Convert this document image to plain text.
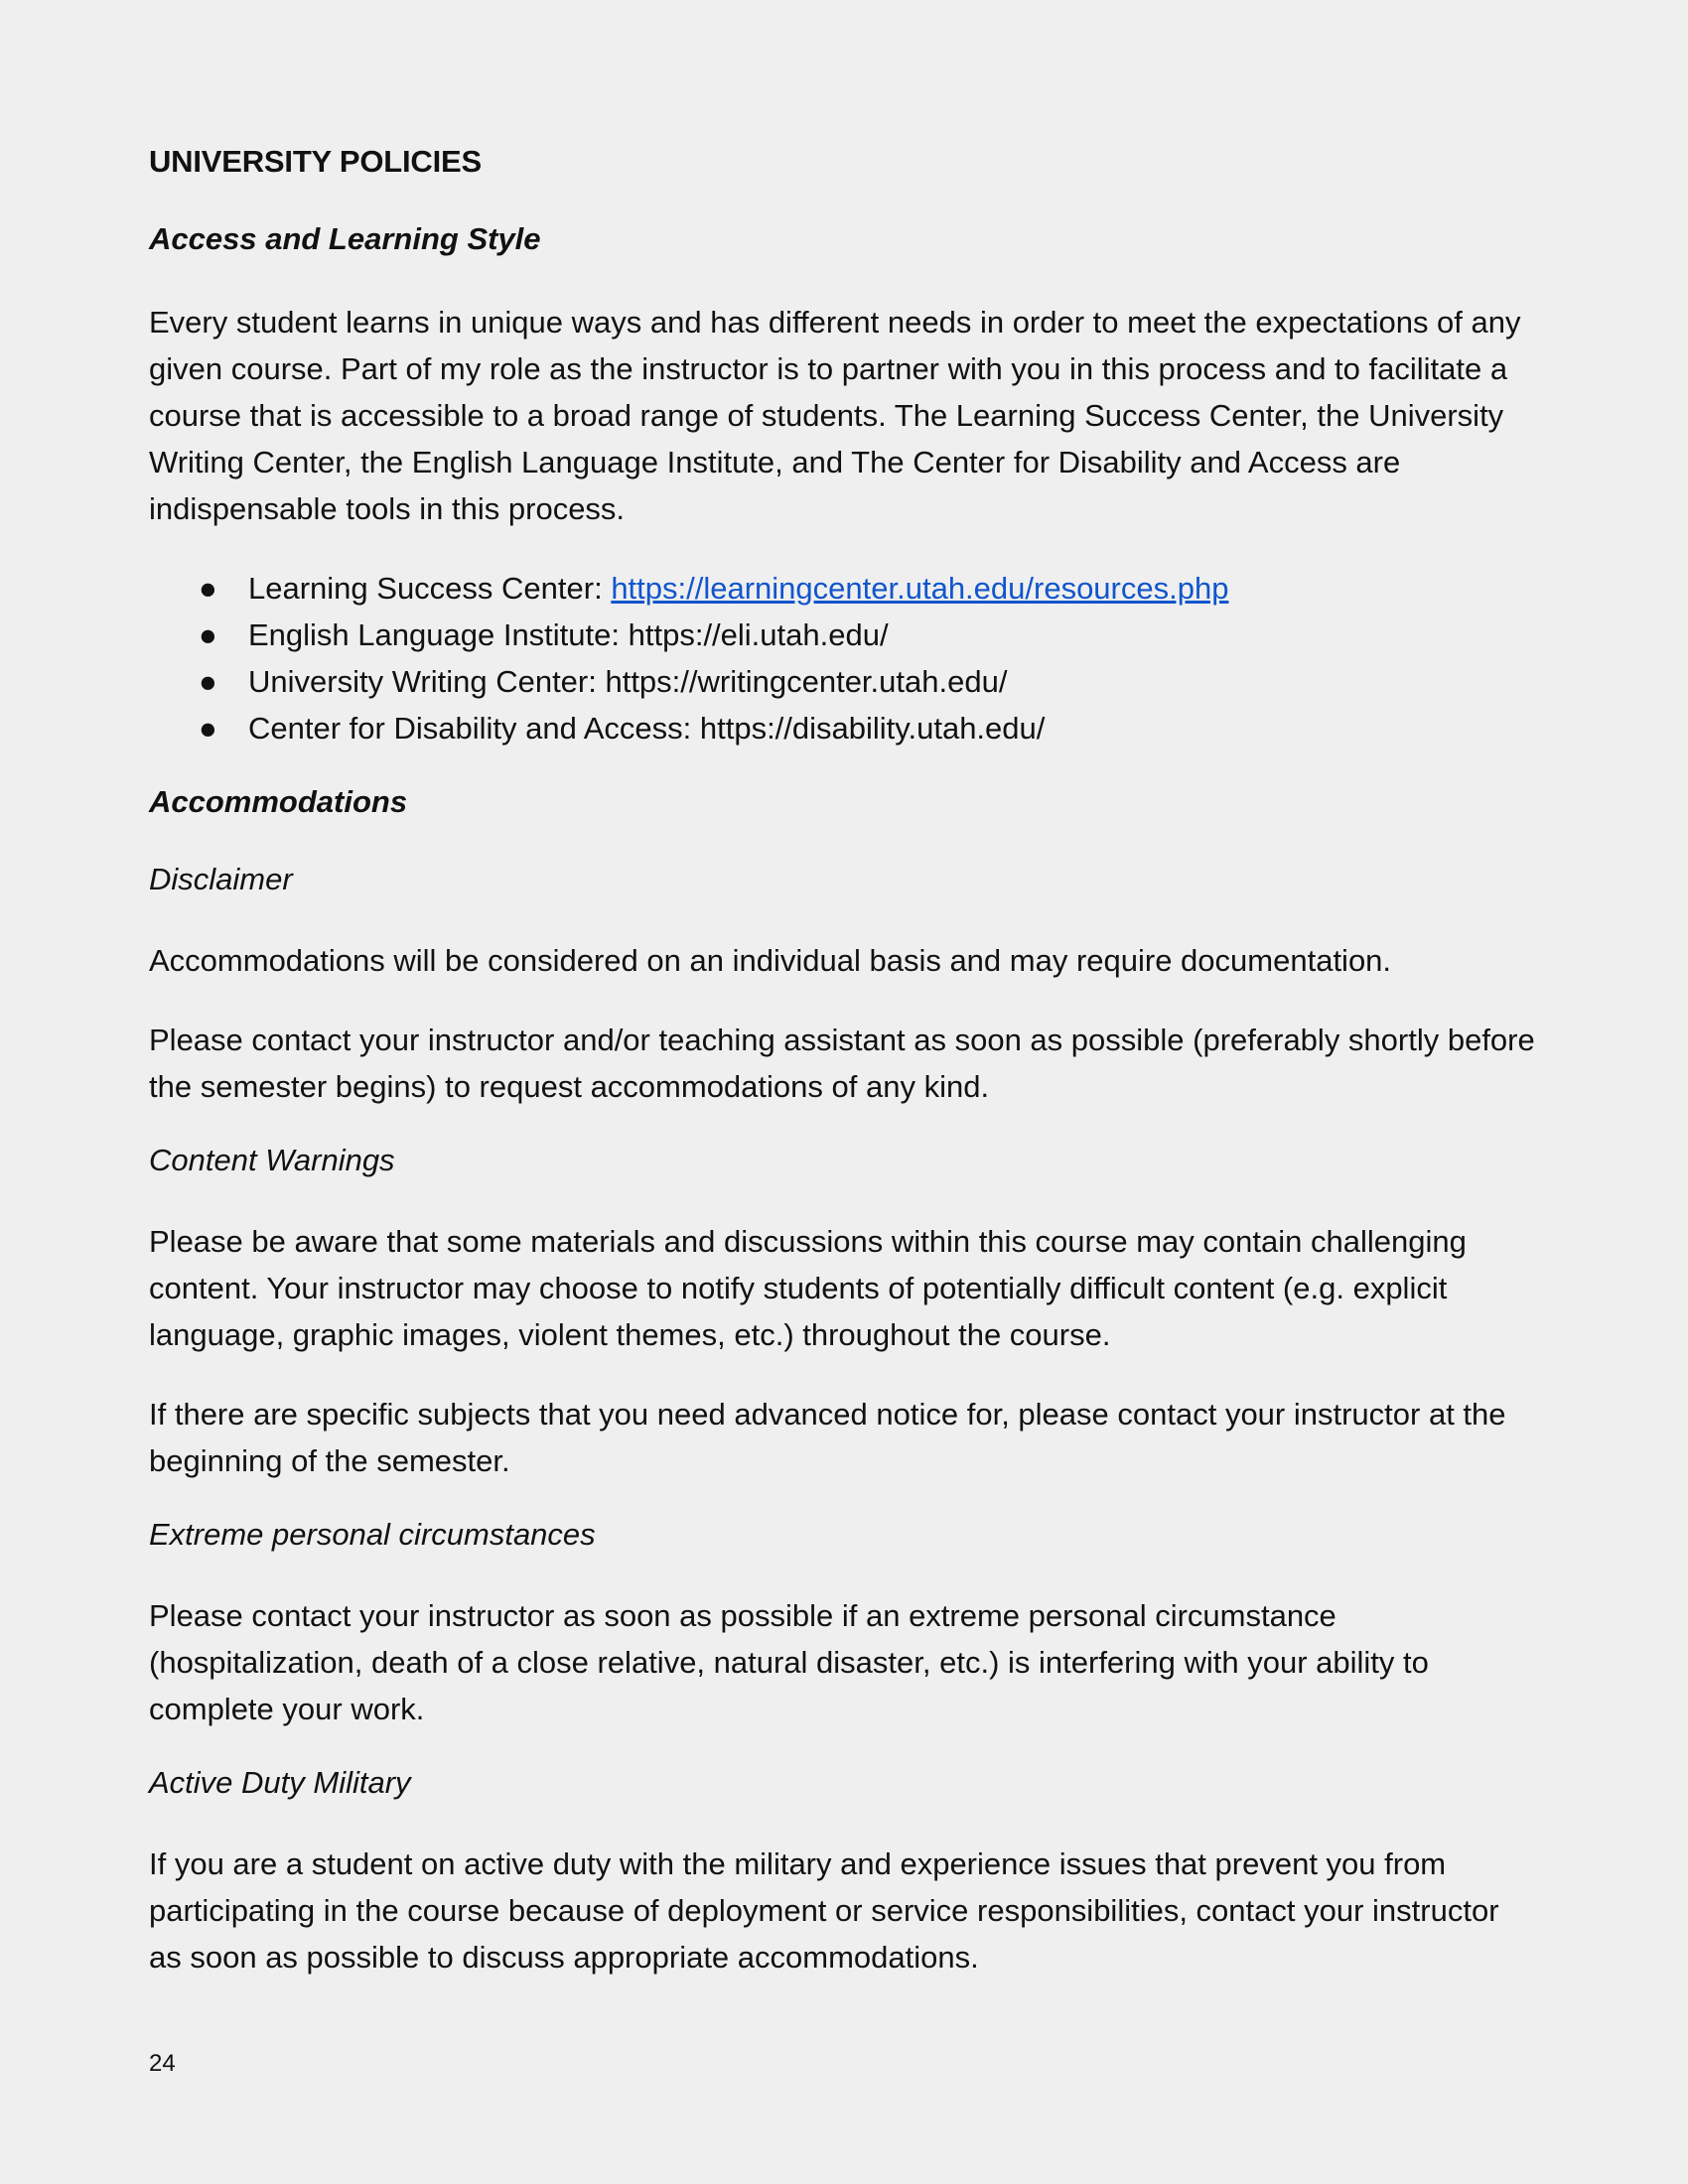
UNIVERSITY POLICIES
Access and Learning Style

Every student learns in unique ways and has different needs in order to meet the expectations of any given course. Part of my role as the instructor is to partner with you in this process and to facilitate a course that is accessible to a broad range of students. The Learning Success Center, the University Writing Center, the English Language Institute, and The Center for Disability and Access are indispensable tools in this process.

● Learning Success Center: https://learningcenter.utah.edu/resources.php
● English Language Institute: https://eli.utah.edu/
● University Writing Center: https://writingcenter.utah.edu/
● Center for Disability and Access: https://disability.utah.edu/
Accommodations
Disclaimer

Accommodations will be considered on an individual basis and may require documentation.

Please contact your instructor and/or teaching assistant as soon as possible (preferably shortly before the semester begins) to request accommodations of any kind.

Content Warnings

Please be aware that some materials and discussions within this course may contain challenging content. Your instructor may choose to notify students of potentially difficult content (e.g. explicit language, graphic images, violent themes, etc.) throughout the course.

If there are specific subjects that you need advanced notice for, please contact your instructor at the beginning of the semester.

Extreme personal circumstances

Please contact your instructor as soon as possible if an extreme personal circumstance (hospitalization, death of a close relative, natural disaster, etc.) is interfering with your ability to complete your work.

Active Duty Military

If you are a student on active duty with the military and experience issues that prevent you from participating in the course because of deployment or service responsibilities, contact your instructor as soon as possible to discuss appropriate accommodations.

24
